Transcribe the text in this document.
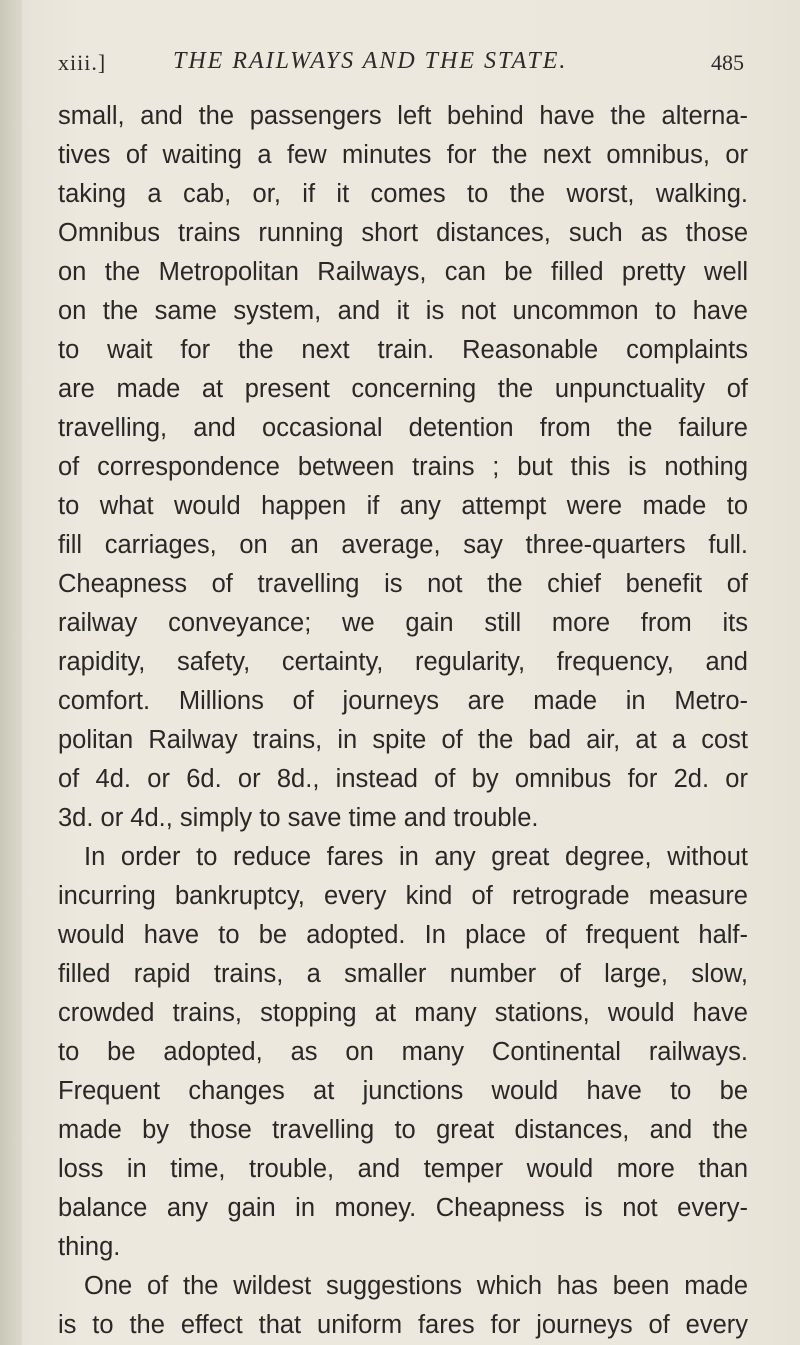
xiii.]	THE RAILWAYS AND THE STATE.	485
small, and the passengers left behind have the alterna-
tives of waiting a few minutes for the next omnibus, or
taking a cab, or, if it comes to the worst, walking.
Omnibus trains running short distances, such as those
on the Metropolitan Railways, can be filled pretty well
on the same system, and it is not uncommon to have
to wait for the next train. Reasonable complaints
are made at present concerning the unpunctuality of
travelling, and occasional detention from the failure
of correspondence between trains ; but this is nothing
to what would happen if any attempt were made to
fill carriages, on an average, say three-quarters full.
Cheapness of travelling is not the chief benefit of
railway conveyance; we gain still more from its
rapidity, safety, certainty, regularity, frequency, and
comfort. Millions of journeys are made in Metro-
politan Railway trains, in spite of the bad air, at a cost
of 4d. or 6d. or 8d., instead of by omnibus for 2d. or
3d. or 4d., simply to save time and trouble.
In order to reduce fares in any great degree, without
incurring bankruptcy, every kind of retrograde measure
would have to be adopted. In place of frequent half-
filled rapid trains, a smaller number of large, slow,
crowded trains, stopping at many stations, would have
to be adopted, as on many Continental railways.
Frequent changes at junctions would have to be
made by those travelling to great distances, and the
loss in time, trouble, and temper would more than
balance any gain in money. Cheapness is not every-
thing.
One of the wildest suggestions which has been made
is to the effect that uniform fares for journeys of every
